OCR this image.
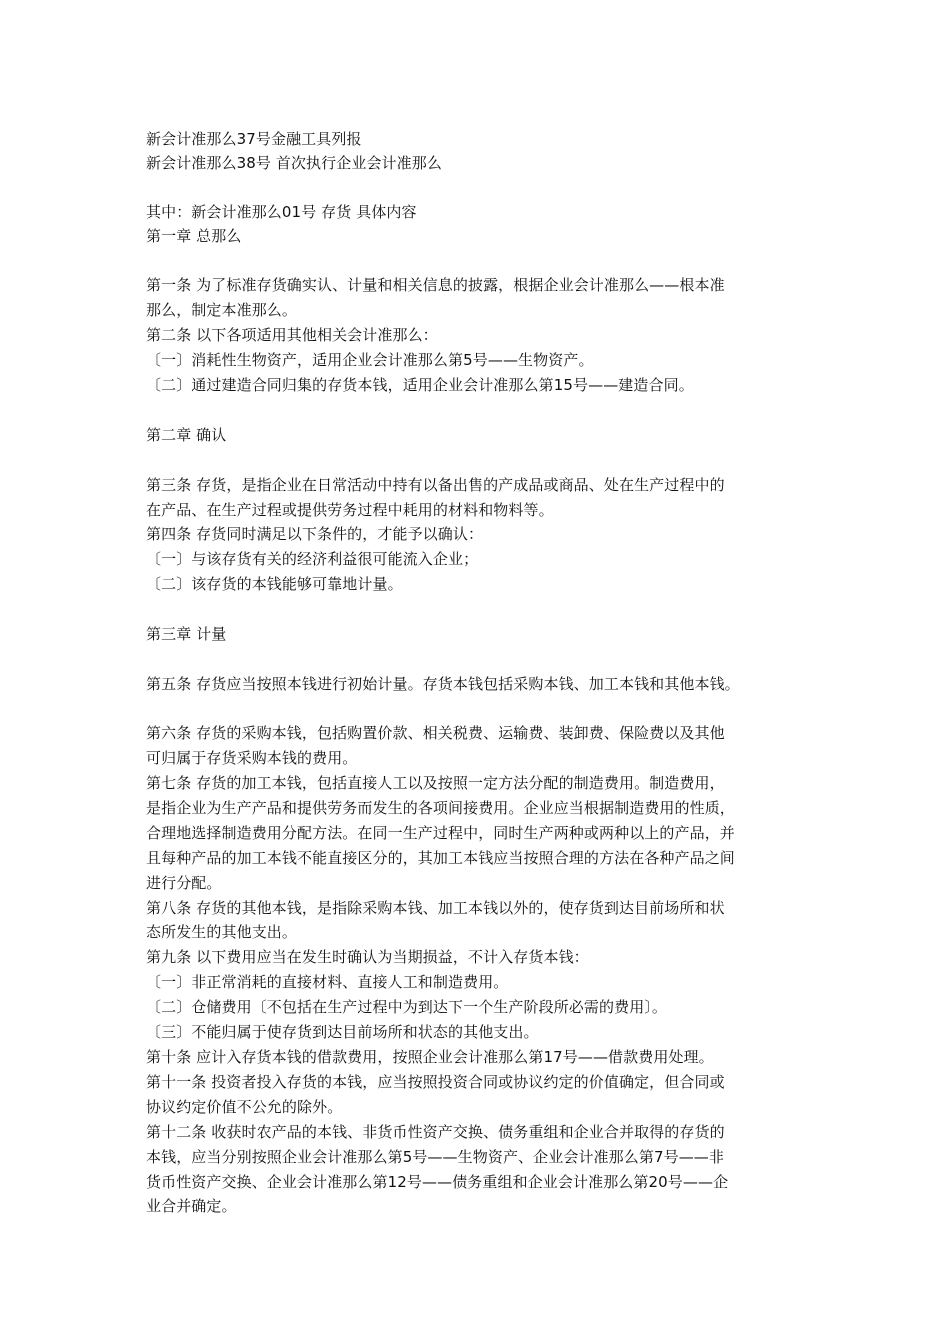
新会计准那么37号金融工具列报
新会计准那么38号 首次执行企业会计准那么
其中：新会计准那么01号 存货 具体内容
第一章 总那么
第一条 为了标准存货确实认、计量和相关信息的披露，根据企业会计准那么——根本准
那么，制定本准那么。
第二条 以下各项适用其他相关会计准那么：
〔一〕消耗性生物资产，适用企业会计准那么第5号——生物资产。
〔二〕通过建造合同归集的存货本钱，适用企业会计准那么第15号——建造合同。
第二章 确认
第三条 存货，是指企业在日常活动中持有以备出售的产成品或商品、处在生产过程中的
在产品、在生产过程或提供劳务过程中耗用的材料和物料等。
第四条 存货同时满足以下条件的，才能予以确认：
〔一〕与该存货有关的经济利益很可能流入企业；
〔二〕该存货的本钱能够可靠地计量。
第三章 计量
第五条 存货应当按照本钱进行初始计量。存货本钱包括采购本钱、加工本钱和其他本钱。
第六条 存货的采购本钱，包括购置价款、相关税费、运输费、装卸费、保险费以及其他
可归属于存货采购本钱的费用。
第七条 存货的加工本钱，包括直接人工以及按照一定方法分配的制造费用。制造费用，
是指企业为生产产品和提供劳务而发生的各项间接费用。企业应当根据制造费用的性质，
合理地选择制造费用分配方法。在同一生产过程中，同时生产两种或两种以上的产品，并
且每种产品的加工本钱不能直接区分的，其加工本钱应当按照合理的方法在各种产品之间
进行分配。
第八条 存货的其他本钱，是指除采购本钱、加工本钱以外的，使存货到达目前场所和状
态所发生的其他支出。
第九条 以下费用应当在发生时确认为当期损益，不计入存货本钱：
〔一〕非正常消耗的直接材料、直接人工和制造费用。
〔二〕仓储费用〔不包括在生产过程中为到达下一个生产阶段所必需的费用〕。
〔三〕不能归属于使存货到达目前场所和状态的其他支出。
第十条 应计入存货本钱的借款费用，按照企业会计准那么第17号——借款费用处理。
第十一条 投资者投入存货的本钱，应当按照投资合同或协议约定的价值确定，但合同或
协议约定价值不公允的除外。
第十二条 收获时农产品的本钱、非货币性资产交换、债务重组和企业合并取得的存货的
本钱，应当分别按照企业会计准那么第5号——生物资产、企业会计准那么第7号——非
货币性资产交换、企业会计准那么第12号——债务重组和企业会计准那么第20号——企
业合并确定。
